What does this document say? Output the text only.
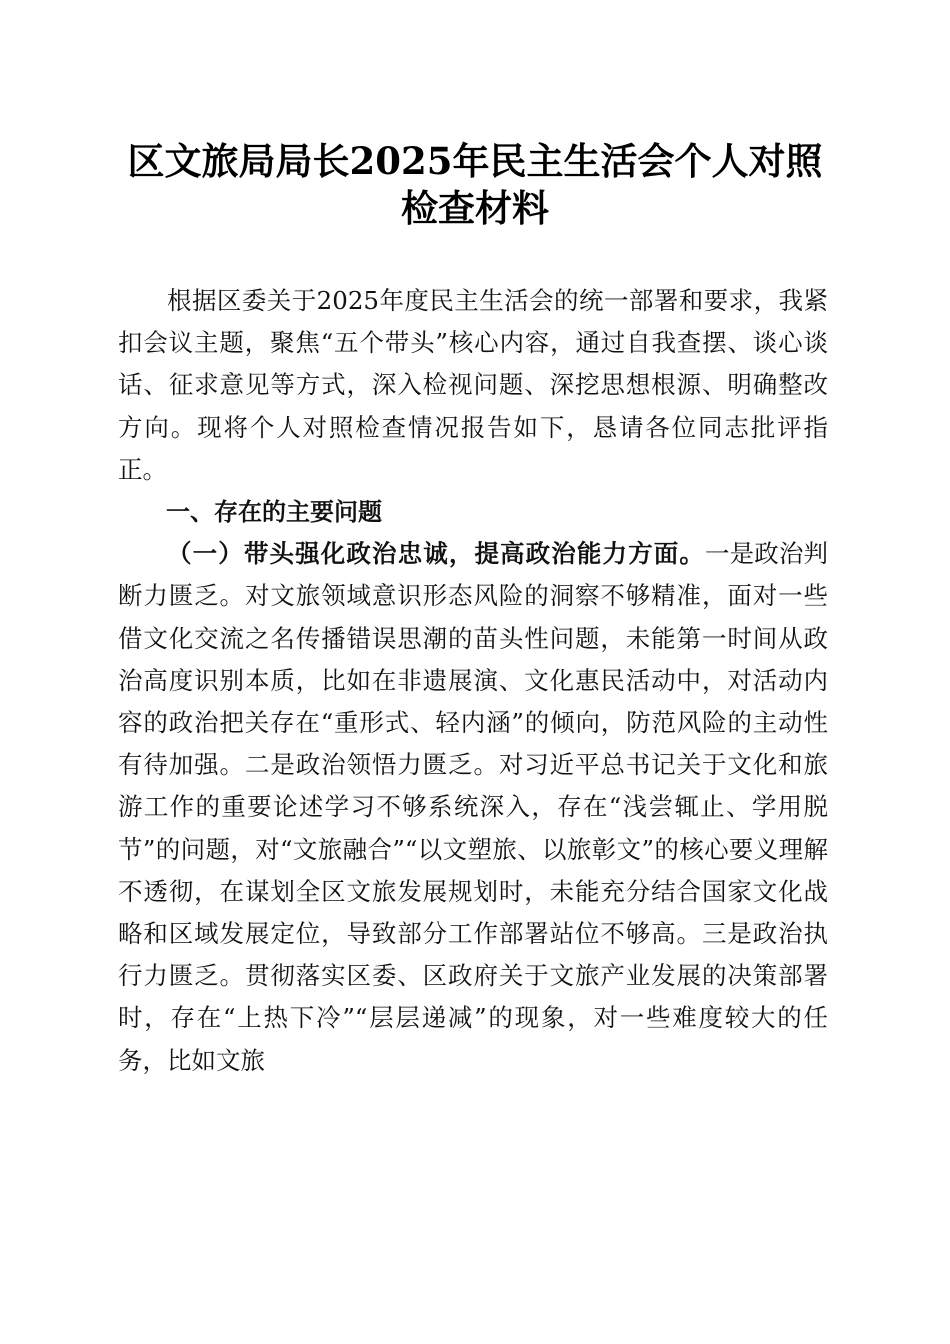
区文旅局局长2025年民主生活会个人对照检查材料

根据区委关于2025年度民主生活会的统一部署和要求，我紧扣会议主题，聚焦“五个带头”核心内容，通过自我查摆、谈心谈话、征求意见等方式，深入检视问题、深挖思想根源、明确整改方向。现将个人对照检查情况报告如下，恳请各位同志批评指正。

一、存在的主要问题

（一）带头强化政治忠诚，提高政治能力方面。一是政治判断力匮乏。对文旅领域意识形态风险的洞察不够精准，面对一些借文化交流之名传播错误思潮的苗头性问题，未能第一时间从政治高度识别本质，比如在非遗展演、文化惠民活动中，对活动内容的政治把关存在“重形式、轻内涵”的倾向，防范风险的主动性有待加强。二是政治领悟力匮乏。对习近平总书记关于文化和旅游工作的重要论述学习不够系统深入，存在“浅尝辄止、学用脱节”的问题，对“文旅融合”“以文塑旅、以旅彰文”的核心要义理解不透彻，在谋划全区文旅发展规划时，未能充分结合国家文化战略和区域发展定位，导致部分工作部署站位不够高。三是政治执行力匮乏。贯彻落实区委、区政府关于文旅产业发展的决策部署时，存在“上热下冷”“层层递减”的现象，对一些难度较大的任务，比如文旅
